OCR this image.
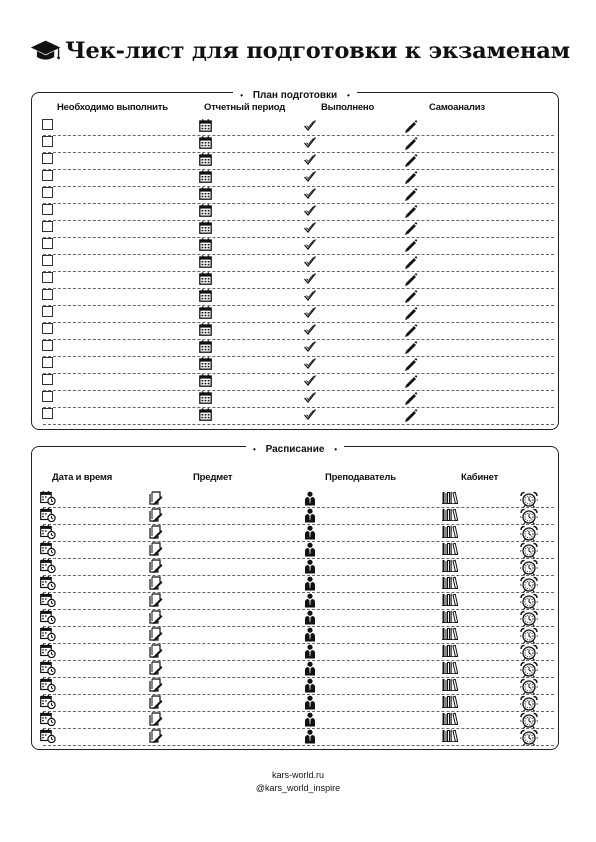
Чек-лист для подготовки к экзаменам
• План подготовки •
Необходимо выполнить	Отчетный период	Выполнено	Самоанализ
• Расписание •
Дата и время	Предмет	Преподаватель	Кабинет
kars-world.ru
@kars_world_inspire
